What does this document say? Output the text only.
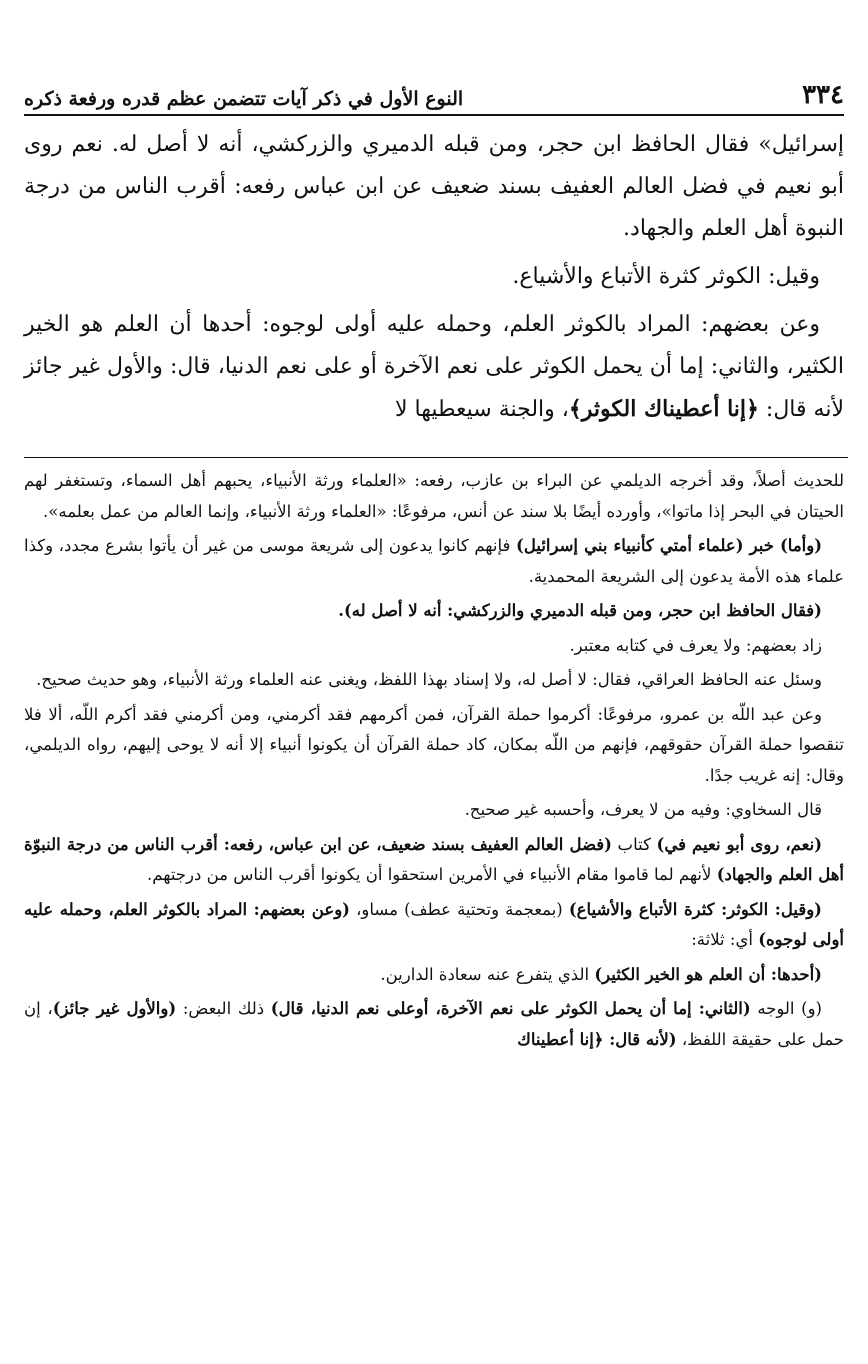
٣٣٤
النوع الأول في ذكر آيات تتضمن عظم قدره ورفعة ذكره

إسرائيل» فقال الحافظ ابن حجر، ومن قبله الدميري والزركشي، أنه لا أصل له. نعم روى أبو نعيم في فضل العالم العفيف بسند ضعيف عن ابن عباس رفعه: أقرب الناس من درجة النبوة أهل العلم والجهاد.

وقيل: الكوثر كثرة الأتباع والأشياع.

وعن بعضهم: المراد بالكوثر العلم، وحمله عليه أولى لوجوه: أحدها أن العلم هو الخير الكثير، والثاني: إما أن يحمل الكوثر على نعم الآخرة أو على نعم الدنيا، قال: والأول غير جائز لأنه قال: ﴿إنا أعطيناك الكوثر﴾، والجنة سيعطيها لا

للحديث أصلاً، وقد أخرجه الديلمي عن البراء بن عازب، رفعه: «العلماء ورثة الأنبياء، يحبهم أهل السماء، وتستغفر لهم الحيتان في البحر إذا ماتوا»، وأورده أيضًا بلا سند عن أنس، مرفوعًا: «العلماء ورثة الأنبياء، وإنما العالم من عمل بعلمه».

(وأما) خبر (علماء أمتي كأنبياء بني إسرائيل) فإنهم كانوا يدعون إلى شريعة موسى من غير أن يأتوا بشرع مجدد، وكذا علماء هذه الأمة يدعون إلى الشريعة المحمدية.

(فقال الحافظ ابن حجر، ومن قبله الدميري والزركشي: أنه لا أصل له).

زاد بعضهم: ولا يعرف في كتابه معتبر.

وسئل عنه الحافظ العراقي، فقال: لا أصل له، ولا إسناد بهذا اللفظ، ويغنى عنه العلماء ورثة الأنبياء، وهو حديث صحيح.

وعن عبد اللّه بن عمرو، مرفوعًا: أكرموا حملة القرآن، فمن أكرمهم فقد أكرمني، ومن أكرمني فقد أكرم اللّه، ألا فلا تنقصوا حملة القرآن حقوقهم، فإنهم من اللّه بمكان، كاد حملة القرآن أن يكونوا أنبياء إلا أنه لا يوحى إليهم، رواه الديلمي، وقال: إنه غريب جدًا.

قال السخاوي: وفيه من لا يعرف، وأحسبه غير صحيح.

(نعم، روى أبو نعيم في) كتاب (فضل العالم العفيف بسند ضعيف، عن ابن عباس، رفعه: أقرب الناس من درجة النبوّة أهل العلم والجهاد) لأنهم لما قاموا مقام الأنبياء في الأمرين استحقوا أن يكونوا أقرب الناس من درجتهم.

(وقيل: الكوثر: كثرة الأتباع والأشياع) (بمعجمة وتحتية عطف) مساو، (وعن بعضهم: المراد بالكوثر العلم، وحمله عليه أولى لوجوه) أي: ثلاثة:

(أحدها: أن العلم هو الخير الكثير) الذي يتفرع عنه سعادة الدارين.

(و) الوجه (الثاني: إما أن يحمل الكوثر على نعم الآخرة، أوعلى نعم الدنيا، قال) ذلك البعض: (والأول غير جائز)، إن حمل على حقيقة اللفظ، (لأنه قال: ﴿إنا أعطيناك
